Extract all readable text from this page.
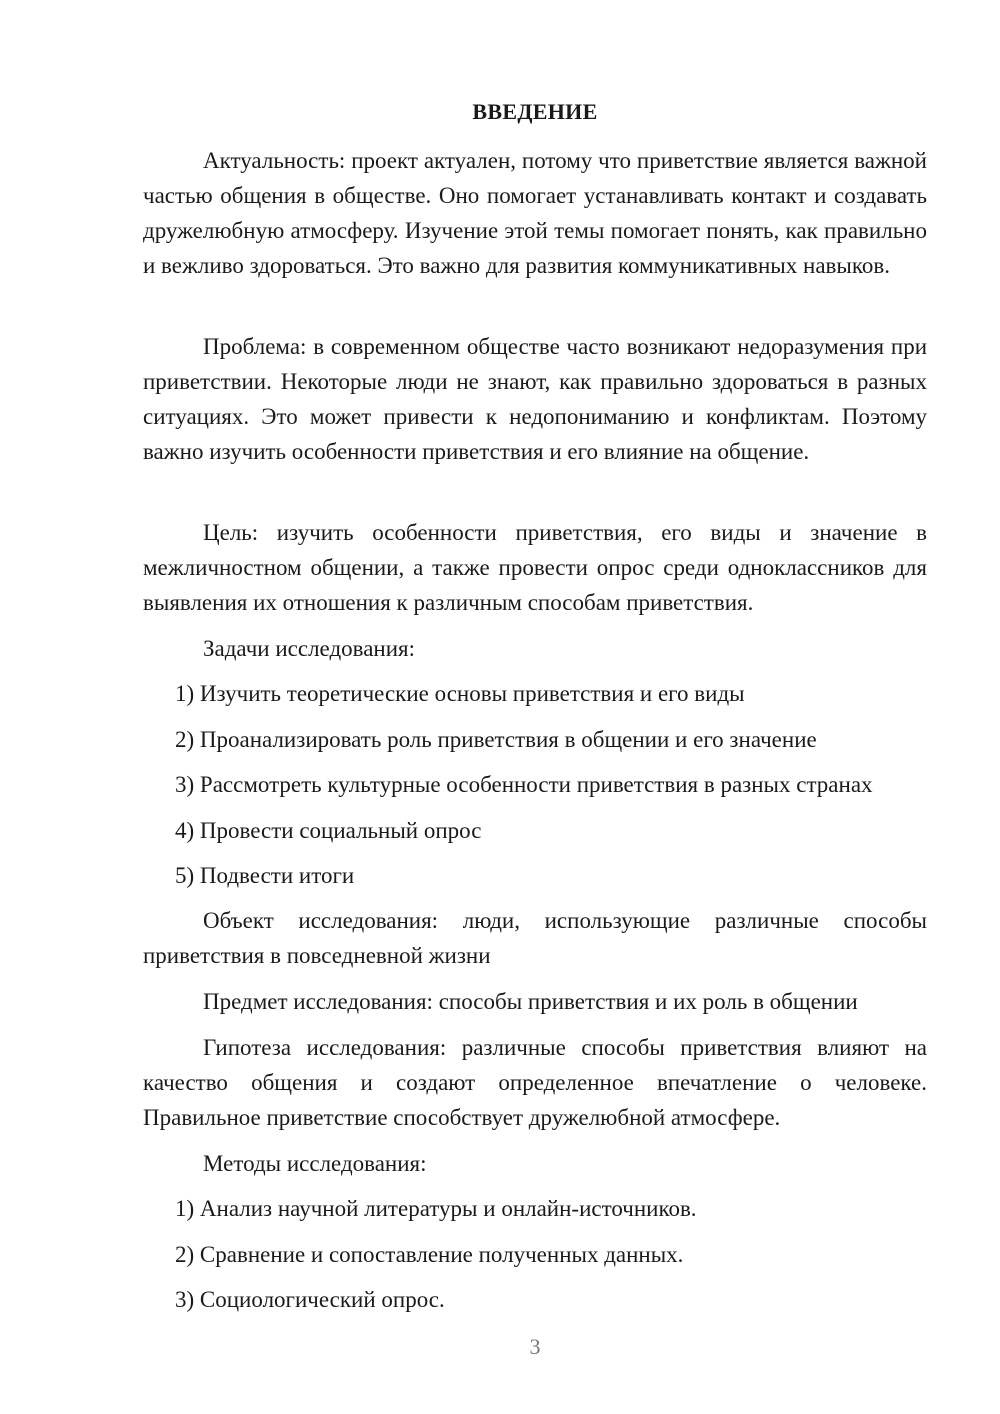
ВВЕДЕНИЕ

Актуальность: проект актуален, потому что приветствие является важной частью общения в обществе. Оно помогает устанавливать контакт и создавать дружелюбную атмосферу. Изучение этой темы помогает понять, как правильно и вежливо здороваться. Это важно для развития коммуникативных навыков.

Проблема: в современном обществе часто возникают недоразумения при приветствии. Некоторые люди не знают, как правильно здороваться в разных ситуациях. Это может привести к недопониманию и конфликтам. Поэтому важно изучить особенности приветствия и его влияние на общение.

Цель: изучить особенности приветствия, его виды и значение в межличностном общении, а также провести опрос среди одноклассников для выявления их отношения к различным способам приветствия.

Задачи исследования:

1) Изучить теоретические основы приветствия и его виды

2) Проанализировать роль приветствия в общении и его значение

3) Рассмотреть культурные особенности приветствия в разных странах

4) Провести социальный опрос

5) Подвести итоги

Объект исследования: люди, использующие различные способы приветствия в повседневной жизни

Предмет исследования: способы приветствия и их роль в общении

Гипотеза исследования: различные способы приветствия влияют на качество общения и создают определенное впечатление о человеке. Правильное приветствие способствует дружелюбной атмосфере.

Методы исследования:

1) Анализ научной литературы и онлайн-источников.

2) Сравнение и сопоставление полученных данных.

3) Социологический опрос.

3
